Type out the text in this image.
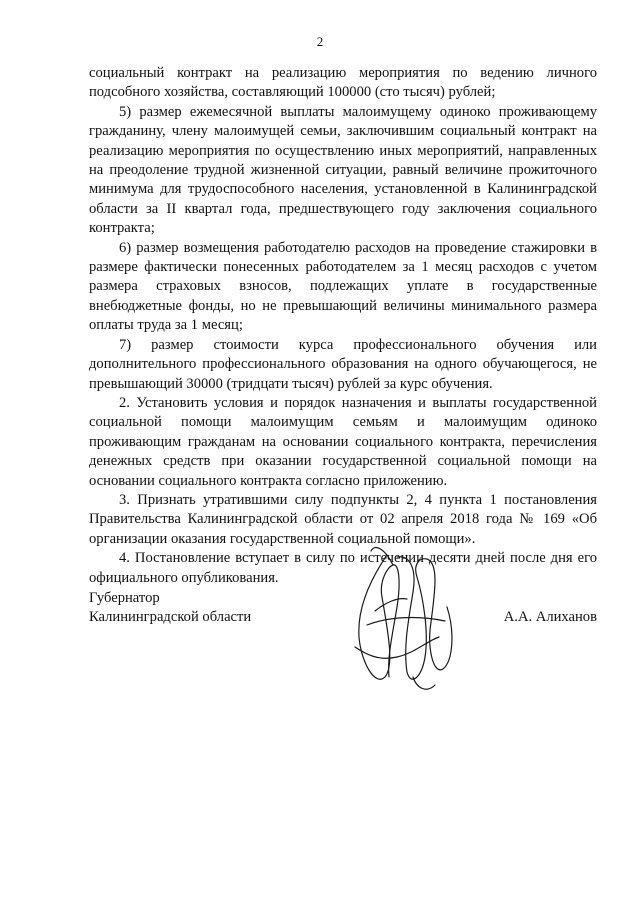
2

социальный контракт на реализацию мероприятия по ведению личного подсобного хозяйства, составляющий 100000 (сто тысяч) рублей;

5) размер ежемесячной выплаты малоимущему одиноко проживающему гражданину, члену малоимущей семьи, заключившим социальный контракт на реализацию мероприятия по осуществлению иных мероприятий, направленных на преодоление трудной жизненной ситуации, равный величине прожиточного минимума для трудоспособного населения, установленной в Калининградской области за II квартал года, предшествующего году заключения социального контракта;

6) размер возмещения работодателю расходов на проведение стажировки в размере фактически понесенных работодателем за 1 месяц расходов с учетом размера страховых взносов, подлежащих уплате в государственные внебюджетные фонды, но не превышающий величины минимального размера оплаты труда за 1 месяц;

7) размер стоимости курса профессионального обучения или дополнительного профессионального образования на одного обучающегося, не превышающий 30000 (тридцати тысяч) рублей за курс обучения.

2. Установить условия и порядок назначения и выплаты государственной социальной помощи малоимущим семьям и малоимущим одиноко проживающим гражданам на основании социального контракта, перечисления денежных средств при оказании государственной социальной помощи на основании социального контракта согласно приложению.

3. Признать утратившими силу подпункты 2, 4 пункта 1 постановления Правительства Калининградской области от 02 апреля 2018 года № 169 «Об организации оказания государственной социальной помощи».

4. Постановление вступает в силу по истечении десяти дней после дня его официального опубликования.

Губернатор
Калининградской области	А.А. Алиханов
